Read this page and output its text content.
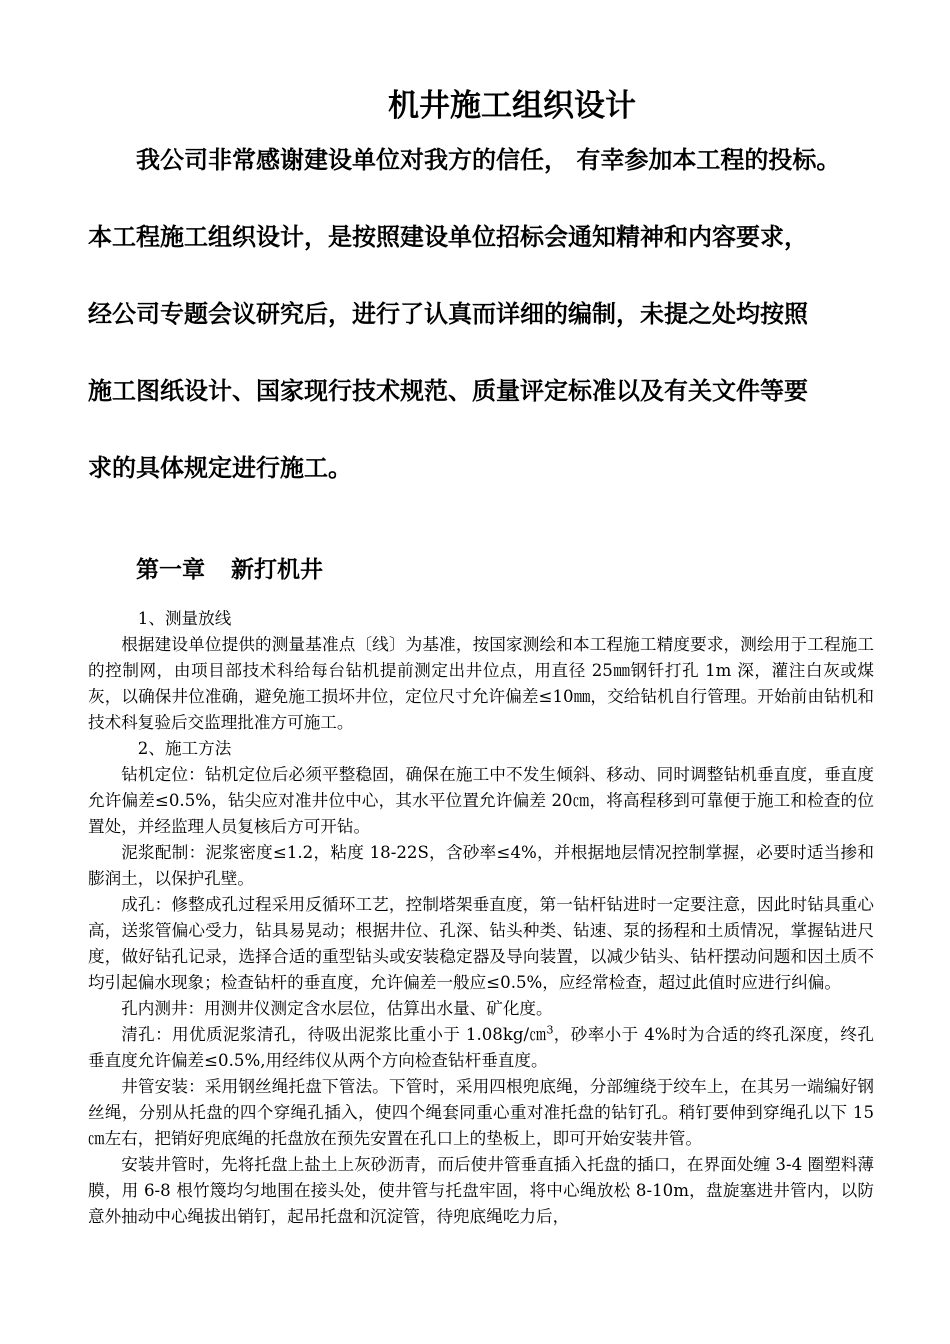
机井施工组织设计
我公司非常感谢建设单位对我方的信任， 有幸参加本工程的投标。
本工程施工组织设计，是按照建设单位招标会通知精神和内容要求，
经公司专题会议研究后，进行了认真而详细的编制，未提之处均按照
施工图纸设计、国家现行技术规范、质量评定标准以及有关文件等要
求的具体规定进行施工。
第一章 新打机井

1、测量放线

根据建设单位提供的测量基准点〔线〕为基准，按国家测绘和本工程施工精度要求，测绘用于工程施工的控制网，由项目部技术科给每台钻机提前测定出井位点，用直径 25㎜钢钎打孔 1m 深，灌注白灰或煤灰，以确保井位准确，避免施工损坏井位，定位尺寸允许偏差≤10㎜，交给钻机自行管理。开始前由钻机和技术科复验后交监理批准方可施工。

2、施工方法

钻机定位：钻机定位后必须平整稳固，确保在施工中不发生倾斜、移动、同时调整钻机垂直度，垂直度允许偏差≤0.5%，钻尖应对准井位中心，其水平位置允许偏差 20㎝，将高程移到可靠便于施工和检查的位置处，并经监理人员复核后方可开钻。

泥浆配制：泥浆密度≤1.2，粘度 18-22S，含砂率≤4%，并根据地层情况控制掌握，必要时适当掺和膨润土，以保护孔壁。

成孔：修整成孔过程采用反循环工艺，控制塔架垂直度，第一钻杆钻进时一定要注意，因此时钻具重心高，送浆管偏心受力，钻具易晃动；根据井位、孔深、钻头种类、钻速、泵的扬程和土质情况，掌握钻进尺度，做好钻孔记录，选择合适的重型钻头或安装稳定器及导向装置，以减少钻头、钻杆摆动问题和因土质不均引起偏水现象；检查钻杆的垂直度，允许偏差一般应≤0.5%，应经常检查，超过此值时应进行纠偏。

孔内测井：用测井仪测定含水层位，估算出水量、矿化度。

清孔：用优质泥浆清孔，待吸出泥浆比重小于 1.08kg/㎝$^3$，砂率小于 4%时为合适的终孔深度，终孔垂直度允许偏差≤0.5%,用经纬仪从两个方向检查钻杆垂直度。

井管安装：采用钢丝绳托盘下管法。下管时，采用四根兜底绳，分部缠绕于绞车上，在其另一端编好钢丝绳，分别从托盘的四个穿绳孔插入，使四个绳套同重心重对准托盘的钻钉孔。稍钉要伸到穿绳孔以下 15㎝左右，把销好兜底绳的托盘放在预先安置在孔口上的垫板上，即可开始安装井管。

安装井管时，先将托盘上盐土上灰砂沥青，而后使井管垂直插入托盘的插口，在界面处缠 3-4 圈塑料薄膜，用 6-8 根竹篾均匀地围在接头处，使井管与托盘牢固，将中心绳放松 8-10m，盘旋塞进井管内，以防意外抽动中心绳拔出销钉，起吊托盘和沉淀管，待兜底绳吃力后，
